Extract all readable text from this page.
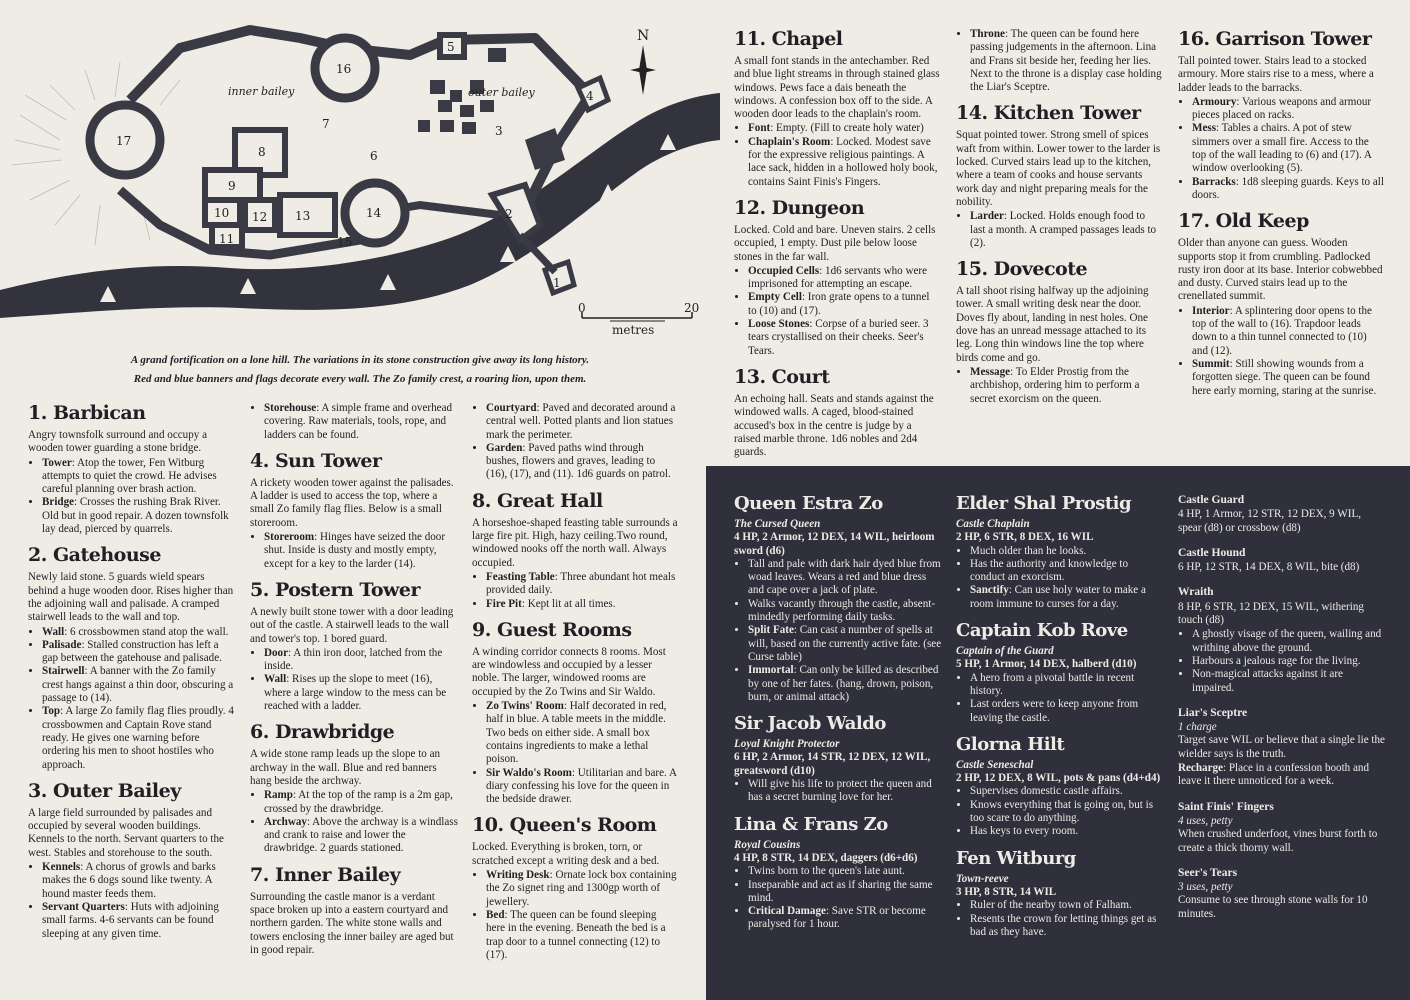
inner bailey	outer bailey
1
2
3
4
5
6
7
8
9
10
11
12 13	14
15
16
17
N
0	20
metres
A grand fortification on a lone hill. The variations in its stone construction give away its long history.
Red and blue banners and flags decorate every wall. The Zo family crest, a roaring lion, upon them.
1. Barbican

Angry townsfolk surround and occupy a wooden tower guarding a stone bridge.

• Tower: Atop the tower, Fen Witburg attempts to quiet the crowd. He advises careful planning over brash action.
• Bridge: Crosses the rushing Brak River. Old but in good repair. A dozen townsfolk lay dead, pierced by quarrels.
2. Gatehouse

Newly laid stone. 5 guards wield spears behind a huge wooden door. Rises higher than the adjoining wall and palisade. A cramped stairwell leads to the wall and top.

• Wall: 6 crossbowmen stand atop the wall.
• Palisade: Stalled construction has left a gap between the gatehouse and palisade.
• Stairwell: A banner with the Zo family crest hangs against a thin door, obscuring a passage to (14).
• Top: A large Zo family flag flies proudly. 4 crossbowmen and Captain Rove stand ready. He gives one warning before ordering his men to shoot hostiles who approach.
3. Outer Bailey

A large field surrounded by palisades and occupied by several wooden buildings. Kennels to the north. Servant quarters to the west. Stables and storehouse to the south.

• Kennels: A chorus of growls and barks makes the 6 dogs sound like twenty. A hound master feeds them.
• Servant Quarters: Huts with adjoining small farms. 4-6 servants can be found sleeping at any given time.
• Storehouse: A simple frame and overhead covering. Raw materials, tools, rope, and ladders can be found.
4. Sun Tower

A rickety wooden tower against the palisades. A ladder is used to access the top, where a small Zo family flag flies. Below is a small storeroom.

• Storeroom: Hinges have seized the door shut. Inside is dusty and mostly empty, except for a key to the larder (14).
5. Postern Tower

A newly built stone tower with a door leading out of the castle. A stairwell leads to the wall and tower's top. 1 bored guard.

• Door: A thin iron door, latched from the inside.
• Wall: Rises up the slope to meet (16), where a large window to the mess can be reached with a ladder.
6. Drawbridge

A wide stone ramp leads up the slope to an archway in the wall. Blue and red banners hang beside the archway.

• Ramp: At the top of the ramp is a 2m gap, crossed by the drawbridge.
• Archway: Above the archway is a windlass and crank to raise and lower the drawbridge. 2 guards stationed.
7. Inner Bailey

Surrounding the castle manor is a verdant space broken up into a eastern courtyard and northern garden. The white stone walls and towers enclosing the inner bailey are aged but in good repair.

• Courtyard: Paved and decorated around a central well. Potted plants and lion statues mark the perimeter.
• Garden: Paved paths wind through bushes, flowers and graves, leading to (16), (17), and (11). 1d6 guards on patrol.
8. Great Hall

A horseshoe-shaped feasting table surrounds a large fire pit. High, hazy ceiling.Two round, windowed nooks off the north wall. Always occupied.

• Feasting Table: Three abundant hot meals provided daily.
• Fire Pit: Kept lit at all times.
9. Guest Rooms

A winding corridor connects 8 rooms. Most are windowless and occupied by a lesser noble. The larger, windowed rooms are occupied by the Zo Twins and Sir Waldo.

• Zo Twins' Room: Half decorated in red, half in blue. A table meets in the middle. Two beds on either side. A small box contains ingredients to make a lethal poison.
• Sir Waldo's Room: Utilitarian and bare. A diary confessing his love for the queen in the bedside drawer.
10. Queen's Room

Locked. Everything is broken, torn, or scratched except a writing desk and a bed.

• Writing Desk: Ornate lock box containing the Zo signet ring and 1300gp worth of jewellery.
• Bed: The queen can be found sleeping here in the evening. Beneath the bed is a trap door to a tunnel connecting (12) to (17).
11. Chapel

A small font stands in the antechamber. Red and blue light streams in through stained glass windows. Pews face a dais beneath the windows. A confession box off to the side. A wooden door leads to the chaplain's room.

• Font: Empty. (Fill to create holy water)
• Chaplain's Room: Locked. Modest save for the expressive religious paintings. A lace sack, hidden in a hollowed holy book, contains Saint Finis's Fingers.
12. Dungeon

Locked. Cold and bare. Uneven stairs. 2 cells occupied, 1 empty. Dust pile below loose stones in the far wall.

• Occupied Cells: 1d6 servants who were imprisoned for attempting an escape.
• Empty Cell: Iron grate opens to a tunnel to (10) and (17).
• Loose Stones: Corpse of a buried seer. 3 tears crystallised on their cheeks. Seer's Tears.
13. Court

An echoing hall. Seats and stands against the windowed walls. A caged, blood-stained accused's box in the centre is judge by a raised marble throne. 1d6 nobles and 2d4 guards.

• Throne: The queen can be found here passing judgements in the afternoon. Lina and Frans sit beside her, feeding her lies. Next to the throne is a display case holding the Liar's Sceptre.
14. Kitchen Tower

Squat pointed tower. Strong smell of spices waft from within. Lower tower to the larder is locked. Curved stairs lead up to the kitchen, where a team of cooks and house servants work day and night preparing meals for the nobility.

• Larder: Locked. Holds enough food to last a month. A cramped passages leads to (2).
15. Dovecote

A tall shoot rising halfway up the adjoining tower. A small writing desk near the door. Doves fly about, landing in nest holes. One dove has an unread message attached to its leg. Long thin windows line the top where birds come and go.

• Message: To Elder Prostig from the archbishop, ordering him to perform a secret exorcism on the queen.
16. Garrison Tower

Tall pointed tower. Stairs lead to a stocked armoury. More stairs rise to a mess, where a ladder leads to the barracks.

• Armoury: Various weapons and armour pieces placed on racks.
• Mess: Tables a chairs. A pot of stew simmers over a small fire. Access to the top of the wall leading to (6) and (17). A window overlooking (5).
• Barracks: 1d8 sleeping guards. Keys to all doors.
17. Old Keep

Older than anyone can guess. Wooden supports stop it from crumbling. Padlocked rusty iron door at its base. Interior cobwebbed and dusty. Curved stairs lead up to the crenellated summit.

• Interior: A splintering door opens to the top of the wall to (16). Trapdoor leads down to a thin tunnel connected to (10) and (12).
• Summit: Still showing wounds from a forgotten siege. The queen can be found here early morning, staring at the sunrise.
Queen Estra Zo

The Cursed Queen

4 HP, 2 Armor, 12 DEX, 14 WIL, heirloom sword (d6)

• Tall and pale with dark hair dyed blue from woad leaves. Wears a red and blue dress and cape over a jack of plate.
• Walks vacantly through the castle, absent-mindedly performing daily tasks.
• Split Fate: Can cast a number of spells at will, based on the currently active fate. (see Curse table)
• Immortal: Can only be killed as described by one of her fates. (hang, drown, poison, burn, or animal attack)
Sir Jacob Waldo

Loyal Knight Protector

6 HP, 2 Armor, 14 STR, 12 DEX, 12 WIL, greatsword (d10)

• Will give his life to protect the queen and has a secret burning love for her.
Lina & Frans Zo

Royal Cousins

4 HP, 8 STR, 14 DEX, daggers (d6+d6)

• Twins born to the queen's late aunt.
• Inseparable and act as if sharing the same mind.
• Critical Damage: Save STR or become paralysed for 1 hour.
Elder Shal Prostig

Castle Chaplain

2 HP, 6 STR, 8 DEX, 16 WIL

• Much older than he looks.
• Has the authority and knowledge to conduct an exorcism.
• Sanctify: Can use holy water to make a room immune to curses for a day.
Captain Kob Rove

Captain of the Guard

5 HP, 1 Armor, 14 DEX, halberd (d10)

• A hero from a pivotal battle in recent history.
• Last orders were to keep anyone from leaving the castle.
Glorna Hilt

Castle Seneschal

2 HP, 12 DEX, 8 WIL, pots & pans (d4+d4)

• Supervises domestic castle affairs.
• Knows everything that is going on, but is too scare to do anything.
• Has keys to every room.
Fen Witburg

Town-reeve

3 HP, 8 STR, 14 WIL

• Ruler of the nearby town of Falham.
• Resents the crown for letting things get as bad as they have.
Castle Guard

4 HP, 1 Armor, 12 STR, 12 DEX, 9 WIL, spear (d8) or crossbow (d8)

Castle Hound

6 HP, 12 STR, 14 DEX, 8 WIL, bite (d8)

Wraith

8 HP, 6 STR, 12 DEX, 15 WIL, withering touch (d8)

• A ghostly visage of the queen, wailing and writhing above the ground.
• Harbours a jealous rage for the living.
• Non-magical attacks against it are impaired.
Liar's Sceptre

1 charge

Target save WIL or believe that a single lie the wielder says is the truth.

Recharge: Place in a confession booth and leave it there unnoticed for a week.

Saint Finis' Fingers

4 uses, petty

When crushed underfoot, vines burst forth to create a thick thorny wall.

Seer's Tears

3 uses, petty

Consume to see through stone walls for 10 minutes.
